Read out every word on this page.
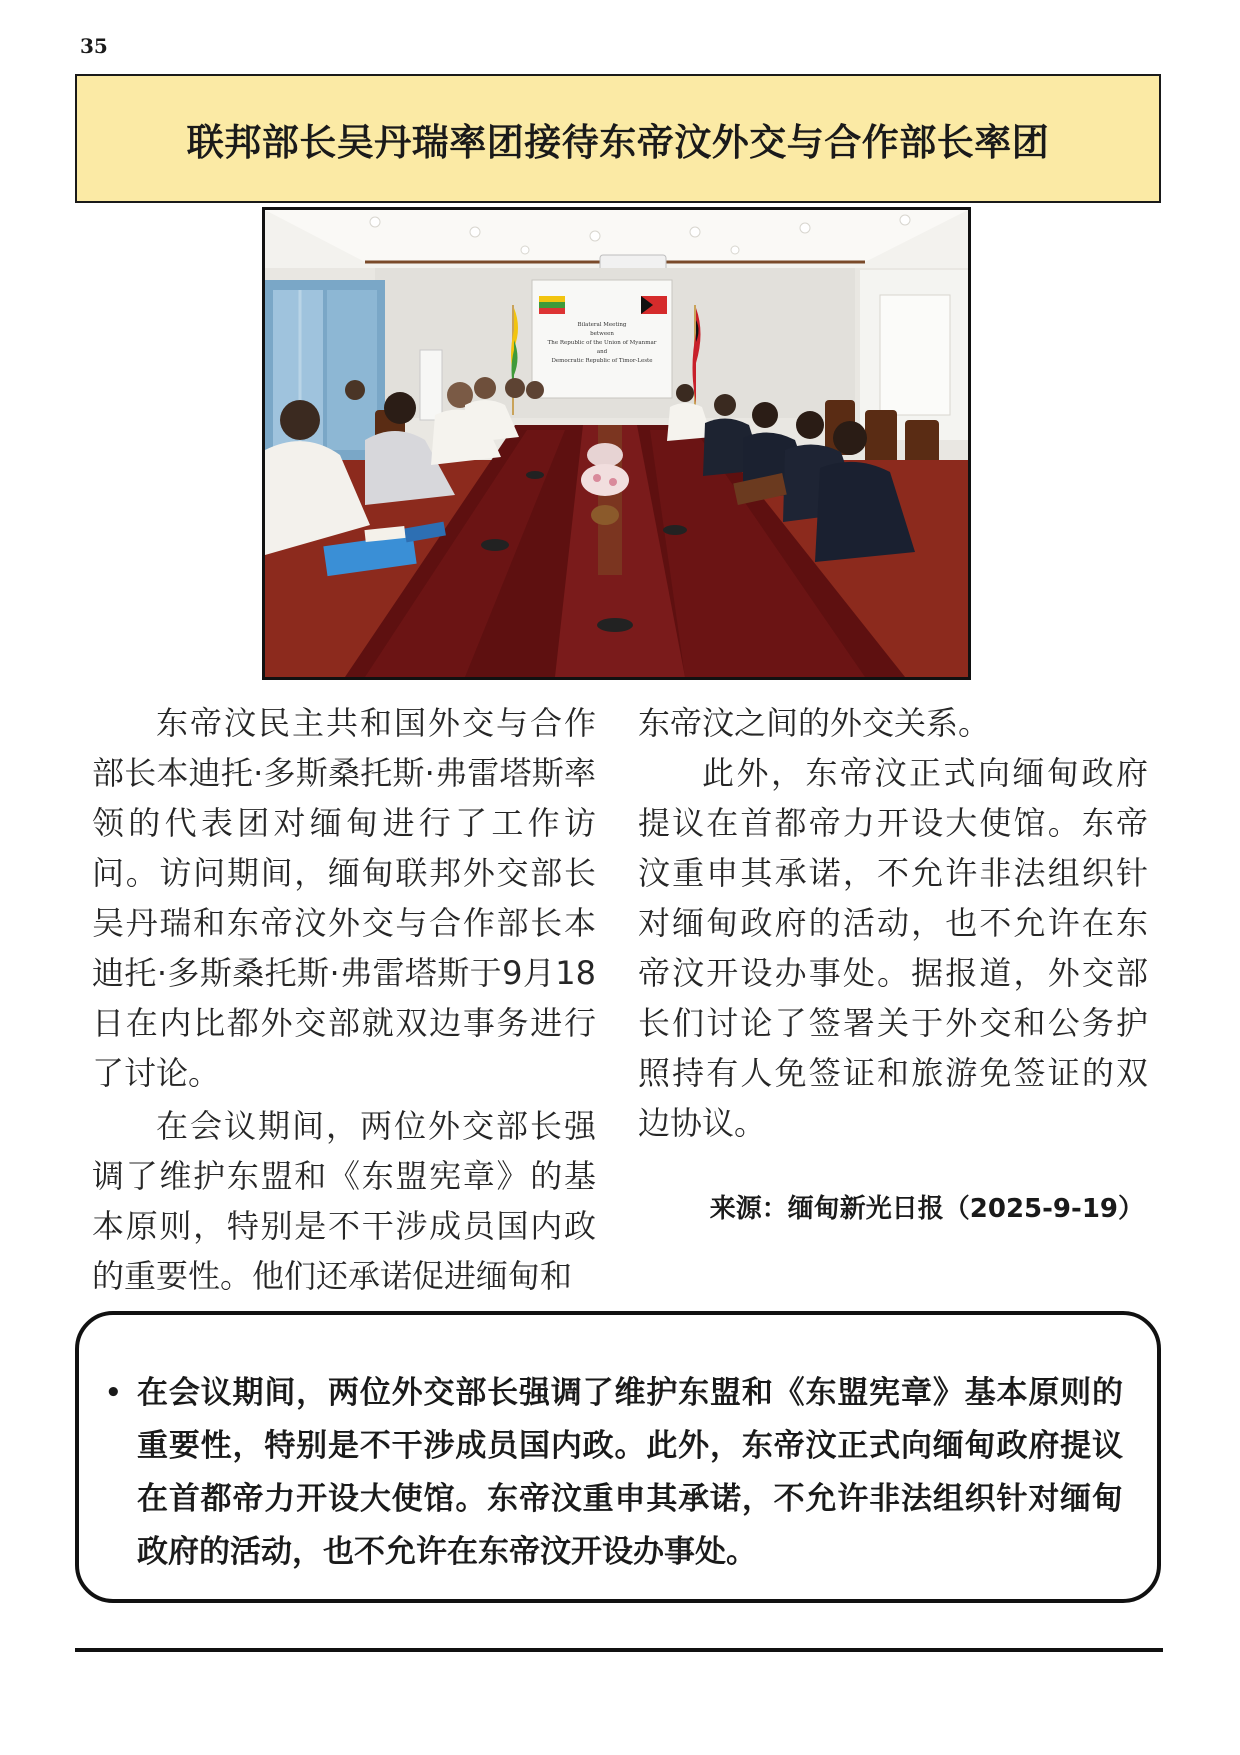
35
联邦部长吴丹瑞率团接待东帝汶外交与合作部长率团
Bilateral Meeting
between
The Republic of the Union of Myanmar
and
Democratic Republic of Timor-Leste

东帝汶民主共和国外交与合作部长本迪托·多斯桑托斯·弗雷塔斯率领的代表团对缅甸进行了工作访问。访问期间，缅甸联邦外交部长吴丹瑞和东帝汶外交与合作部长本迪托·多斯桑托斯·弗雷塔斯于9月18日在内比都外交部就双边事务进行了讨论。

在会议期间，两位外交部长强调了维护东盟和《东盟宪章》的基本原则，特别是不干涉成员国内政的重要性。他们还承诺促进缅甸和

东帝汶之间的外交关系。

此外，东帝汶正式向缅甸政府提议在首都帝力开设大使馆。东帝汶重申其承诺，不允许非法组织针对缅甸政府的活动，也不允许在东帝汶开设办事处。据报道，外交部长们讨论了签署关于外交和公务护照持有人免签证和旅游免签证的双边协议。

来源：缅甸新光日报（2025-9-19）
• 在会议期间，两位外交部长强调了维护东盟和《东盟宪章》基本原则的重要性，特别是不干涉成员国内政。此外，东帝汶正式向缅甸政府提议在首都帝力开设大使馆。东帝汶重申其承诺，不允许非法组织针对缅甸政府的活动，也不允许在东帝汶开设办事处。
